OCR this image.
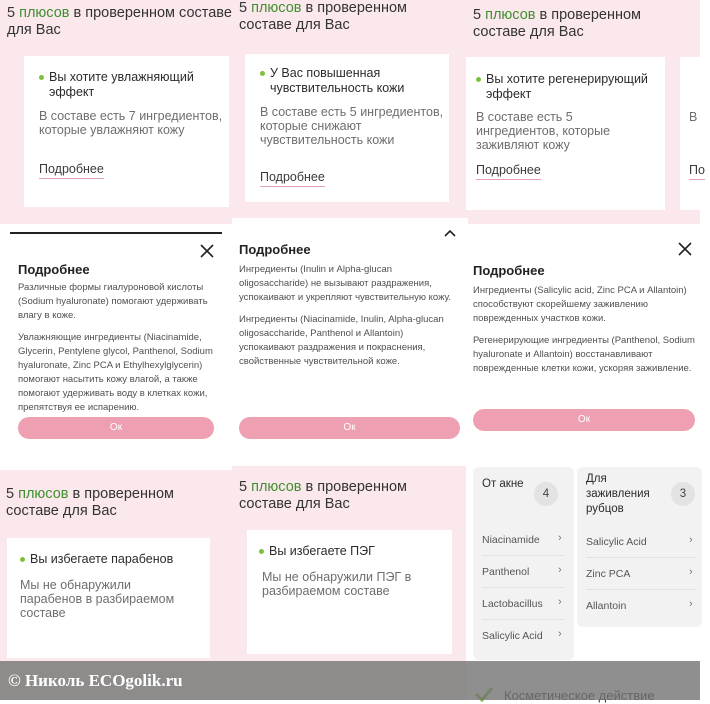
5 плюсов в проверенном составе для Вас
Вы хотите увлажняющий эффект
В составе есть 7 ингредиентов, которые увлажняют кожу
Подробнее
5 плюсов в проверенном составе для Вас
У Вас повышенная чувствительность кожи
В составе есть 5 ингредиентов, которые снижают чувствительность кожи
Подробнее
5 плюсов в проверенном составе для Вас
Вы хотите регенерирующий эффект
В составе есть 5 ингредиентов, которые заживляют кожу
Подробнее
В
По
Подробнее

Различные формы гиалуроновой кислоты (Sodium hyaluronate) помогают удерживать влагу в коже.

Увлажняющие ингредиенты (Niacinamide, Glycerin, Pentylene glycol, Panthenol, Sodium hyaluronate, Zinc PCA и Ethylhexylglycerin) помогают насытить кожу влагой, а также помогают удерживать воду в клетках кожи, препятствуя ее испарению.

Ок
Подробнее

Ингредиенты (Inulin и Alpha-glucan oligosaccharide) не вызывают раздражения, успокаивают и укрепляют чувствительную кожу.

Ингредиенты (Niacinamide, Inulin, Alpha-glucan oligosaccharide, Panthenol и Allantoin) успокаивают раздражения и покраснения, свойственные чувствительной коже.

Ок
Подробнее

Ингредиенты (Salicylic acid, Zinc PCA и Allantoin) способствуют скорейшему заживлению поврежденных участков кожи.

Регенерирующие ингредиенты (Panthenol, Sodium hyaluronate и Allantoin) восстанавливают поврежденные клетки кожи, ускоряя заживление.

Ок
5 плюсов в проверенном составе для Вас
Вы избегаете парабенов
Мы не обнаружили парабенов в разбираемом составе
5 плюсов в проверенном составе для Вас
Вы избегаете ПЭГ
Мы не обнаружили ПЭГ в разбираемом составе
От акне
4
Niacinamide ›
Panthenol	›
Lactobacillus ›
Salicylic Acid ›
Для заживления рубцов
3
Salicylic Acid	›
Zinc PCA	›
Allantoin	›
© Николь ECOgolik.ru
